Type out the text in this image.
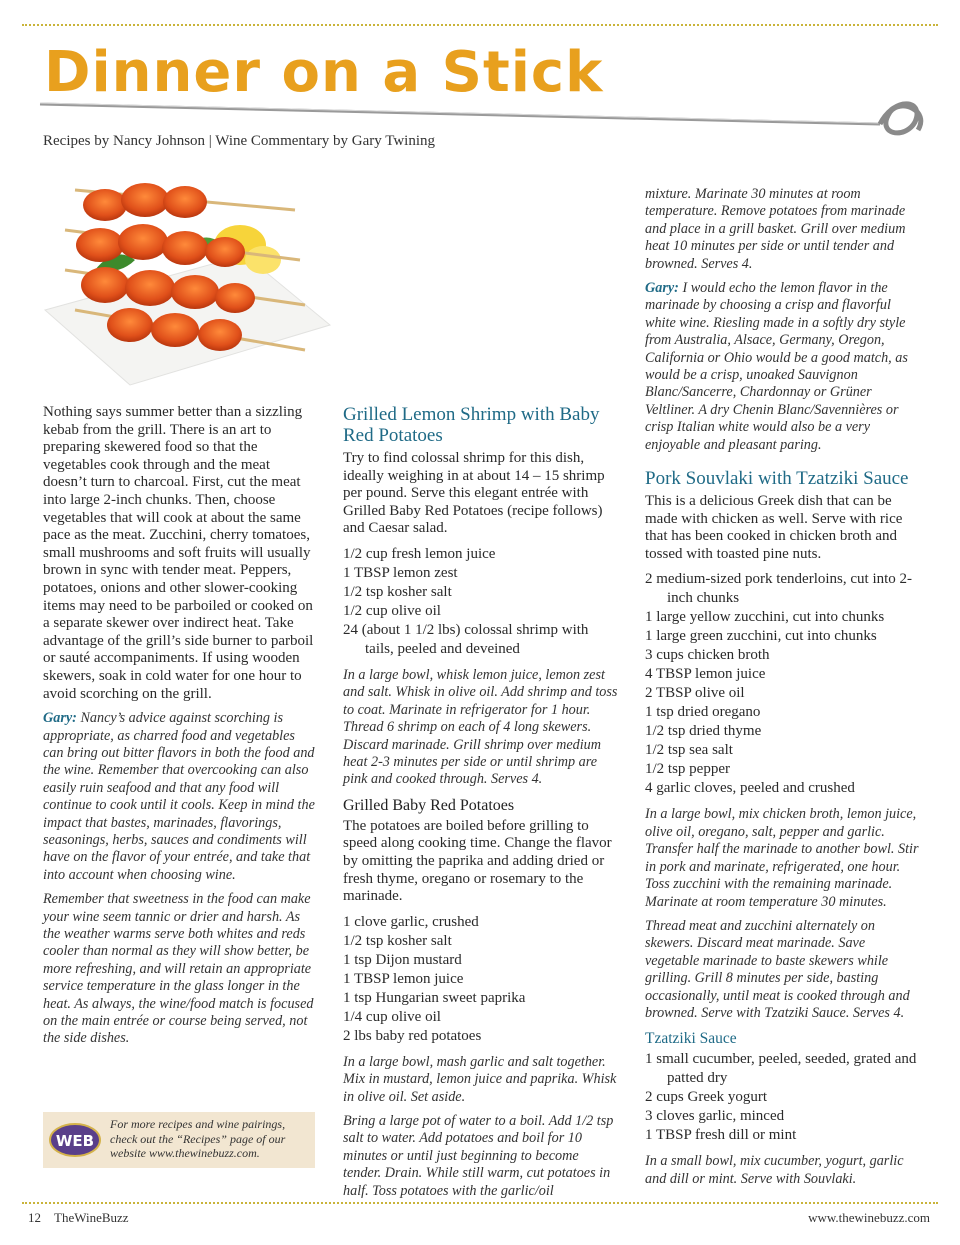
Dinner on a Stick
Recipes by Nancy Johnson | Wine Commentary by Gary Twining

Nothing says summer better than a sizzling kebab from the grill. There is an art to preparing skewered food so that the vegetables cook through and the meat doesn’t turn to charcoal. First, cut the meat into large 2-inch chunks. Then, choose vegetables that will cook at about the same pace as the meat. Zucchini, cherry tomatoes, small mushrooms and soft fruits will usually brown in sync with tender meat. Peppers, potatoes, onions and other slower-cooking items may need to be parboiled or cooked on a separate skewer over indirect heat. Take advantage of the grill’s side burner to parboil or sauté accompaniments. If using wooden skewers, soak in cold water for one hour to avoid scorching on the grill.

Gary: Nancy’s advice against scorching is appropriate, as charred food and vegetables can bring out bitter flavors in both the food and the wine. Remember that overcooking can also easily ruin seafood and that any food will continue to cook until it cools. Keep in mind the impact that bastes, marinades, flavorings, seasonings, herbs, sauces and condiments will have on the flavor of your entrée, and take that into account when choosing wine.

Remember that sweetness in the food can make your wine seem tannic or drier and harsh. As the weather warms serve both whites and reds cooler than normal as they will show better, be more refreshing, and will retain an appropriate service temperature in the glass longer in the heat. As always, the wine/food match is focused on the main entrée or course being served, not the side dishes.

WEB
For more recipes and wine pairings, check out the “Recipes” page of our website www.thewinebuzz.com.
Grilled Lemon Shrimp with Baby Red Potatoes

Try to find colossal shrimp for this dish, ideally weighing in at about 14 – 15 shrimp per pound. Serve this elegant entrée with Grilled Baby Red Potatoes (recipe follows) and Caesar salad.

1/2 cup fresh lemon juice
1 TBSP lemon zest
1/2 tsp kosher salt
1/2 cup olive oil
24 (about 1 1/2 lbs) colossal shrimp with tails, peeled and deveined

In a large bowl, whisk lemon juice, lemon zest and salt. Whisk in olive oil. Add shrimp and toss to coat. Marinate in refrigerator for 1 hour. Thread 6 shrimp on each of 4 long skewers. Discard marinade. Grill shrimp over medium heat 2-3 minutes per side or until shrimp are pink and cooked through. Serves 4.

Grilled Baby Red Potatoes

The potatoes are boiled before grilling to speed along cooking time. Change the flavor by omitting the paprika and adding dried or fresh thyme, oregano or rosemary to the marinade.

1 clove garlic, crushed
1/2 tsp kosher salt
1 tsp Dijon mustard
1 TBSP lemon juice
1 tsp Hungarian sweet paprika
1/4 cup olive oil
2 lbs baby red potatoes

In a large bowl, mash garlic and salt together. Mix in mustard, lemon juice and paprika. Whisk in olive oil. Set aside.

Bring a large pot of water to a boil. Add 1/2 tsp salt to water. Add potatoes and boil for 10 minutes or until just beginning to become tender. Drain. While still warm, cut potatoes in half. Toss potatoes with the garlic/oil

mixture. Marinate 30 minutes at room temperature. Remove potatoes from marinade and place in a grill basket. Grill over medium heat 10 minutes per side or until tender and browned. Serves 4.

Gary: I would echo the lemon flavor in the marinade by choosing a crisp and flavorful white wine. Riesling made in a softly dry style from Australia, Alsace, Germany, Oregon, California or Ohio would be a good match, as would be a crisp, unoaked Sauvignon Blanc/Sancerre, Chardonnay or Grüner Veltliner. A dry Chenin Blanc/Savennières or crisp Italian white would also be a very enjoyable and pleasant paring.

Pork Souvlaki with Tzatziki Sauce

This is a delicious Greek dish that can be made with chicken as well. Serve with rice that has been cooked in chicken broth and tossed with toasted pine nuts.

2 medium-sized pork tenderloins, cut into 2-inch chunks
1 large yellow zucchini, cut into chunks
1 large green zucchini, cut into chunks
3 cups chicken broth
4 TBSP lemon juice
2 TBSP olive oil
1 tsp dried oregano
1/2 tsp dried thyme
1/2 tsp sea salt
1/2 tsp pepper
4 garlic cloves, peeled and crushed

In a large bowl, mix chicken broth, lemon juice, olive oil, oregano, salt, pepper and garlic. Transfer half the marinade to another bowl. Stir in pork and marinate, refrigerated, one hour. Toss zucchini with the remaining marinade. Marinate at room temperature 30 minutes.

Thread meat and zucchini alternately on skewers. Discard meat marinade. Save vegetable marinade to baste skewers while grilling. Grill 8 minutes per side, basting occasionally, until meat is cooked through and browned. Serve with Tzatziki Sauce. Serves 4.

Tzatziki Sauce
1 small cucumber, peeled, seeded, grated and patted dry
2 cups Greek yogurt
3 cloves garlic, minced
1 TBSP fresh dill or mint

In a small bowl, mix cucumber, yogurt, garlic and dill or mint. Serve with Souvlaki.

12 TheWineBuzz	www.thewinebuzz.com
